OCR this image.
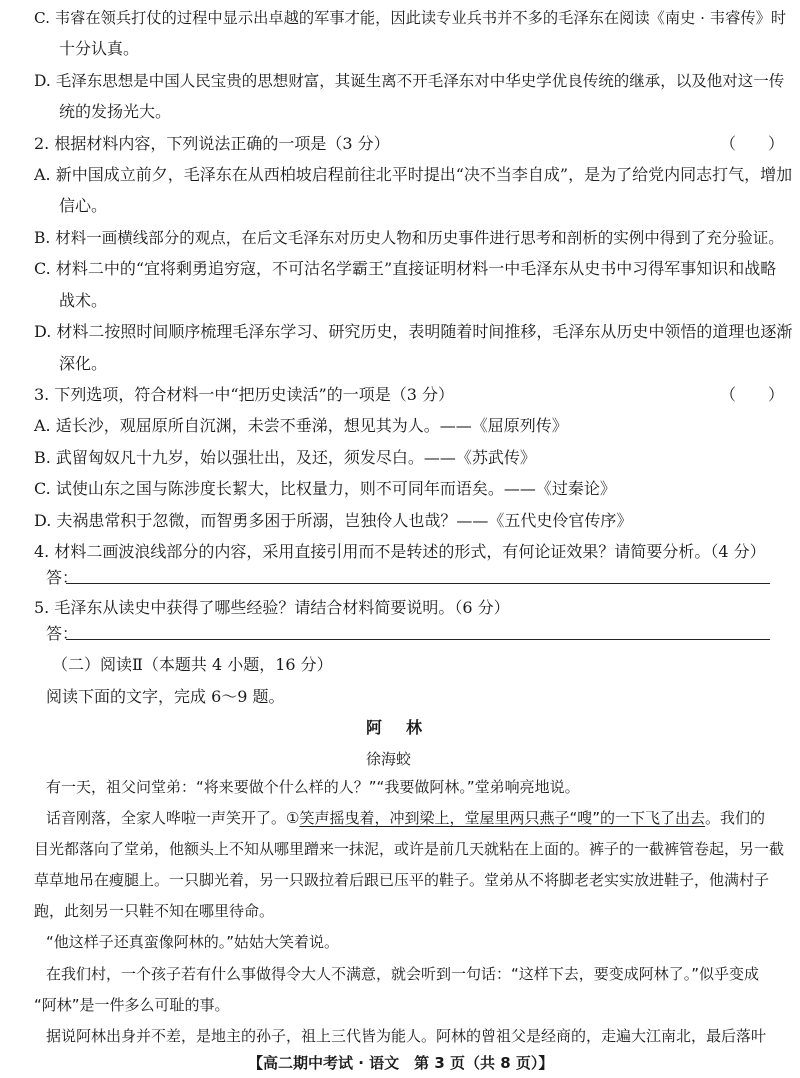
C. 韦睿在领兵打仗的过程中显示出卓越的军事才能，因此读专业兵书并不多的毛泽东在阅读《南史 · 韦睿传》时
十分认真。
D. 毛泽东思想是中国人民宝贵的思想财富，其诞生离不开毛泽东对中华史学优良传统的继承，以及他对这一传
统的发扬光大。
2. 根据材料内容，下列说法正确的一项是（3 分）	（　　）
A. 新中国成立前夕，毛泽东在从西柏坡启程前往北平时提出“决不当李自成”，是为了给党内同志打气，增加
信心。
B. 材料一画横线部分的观点，在后文毛泽东对历史人物和历史事件进行思考和剖析的实例中得到了充分验证。
C. 材料二中的“宜将剩勇追穷寇，不可沽名学霸王”直接证明材料一中毛泽东从史书中习得军事知识和战略
战术。
D. 材料二按照时间顺序梳理毛泽东学习、研究历史，表明随着时间推移，毛泽东从历史中领悟的道理也逐渐
深化。
3. 下列选项，符合材料一中“把历史读活”的一项是（3 分）	（　　）
A. 适长沙，观屈原所自沉渊，未尝不垂涕，想见其为人。——《屈原列传》
B. 武留匈奴凡十九岁，始以强壮出，及还，须发尽白。——《苏武传》
C. 试使山东之国与陈涉度长絜大，比权量力，则不可同年而语矣。——《过秦论》
D. 夫祸患常积于忽微，而智勇多困于所溺，岂独伶人也哉？——《五代史伶官传序》
4. 材料二画波浪线部分的内容，采用直接引用而不是转述的形式，有何论证效果？请简要分析。（4 分）
答：
5. 毛泽东从读史中获得了哪些经验？请结合材料简要说明。（6 分）
答：
（二）阅读Ⅱ（本题共 4 小题，16 分）
阅读下面的文字，完成 6～9 题。
阿　林
徐海蛟
有一天，祖父问堂弟：“将来要做个什么样的人？”“我要做阿林。”堂弟响亮地说。
话音刚落，全家人哗啦一声笑开了。①笑声摇曳着，冲到梁上，堂屋里两只燕子“嗖”的一下飞了出去。我们的
目光都落向了堂弟，他额头上不知从哪里蹭来一抹泥，或许是前几天就粘在上面的。裤子的一截裤管卷起，另一截
草草地吊在瘦腿上。一只脚光着，另一只趿拉着后跟已压平的鞋子。堂弟从不将脚老老实实放进鞋子，他满村子
跑，此刻另一只鞋不知在哪里待命。
“他这样子还真蛮像阿林的。”姑姑大笑着说。
在我们村，一个孩子若有什么事做得令大人不满意，就会听到一句话：“这样下去，要变成阿林了。”似乎变成
“阿林”是一件多么可耻的事。
据说阿林出身并不差，是地主的孙子，祖上三代皆为能人。阿林的曾祖父是经商的，走遍大江南北，最后落叶
【高二期中考试 · 语文　第 3 页（共 8 页）】
